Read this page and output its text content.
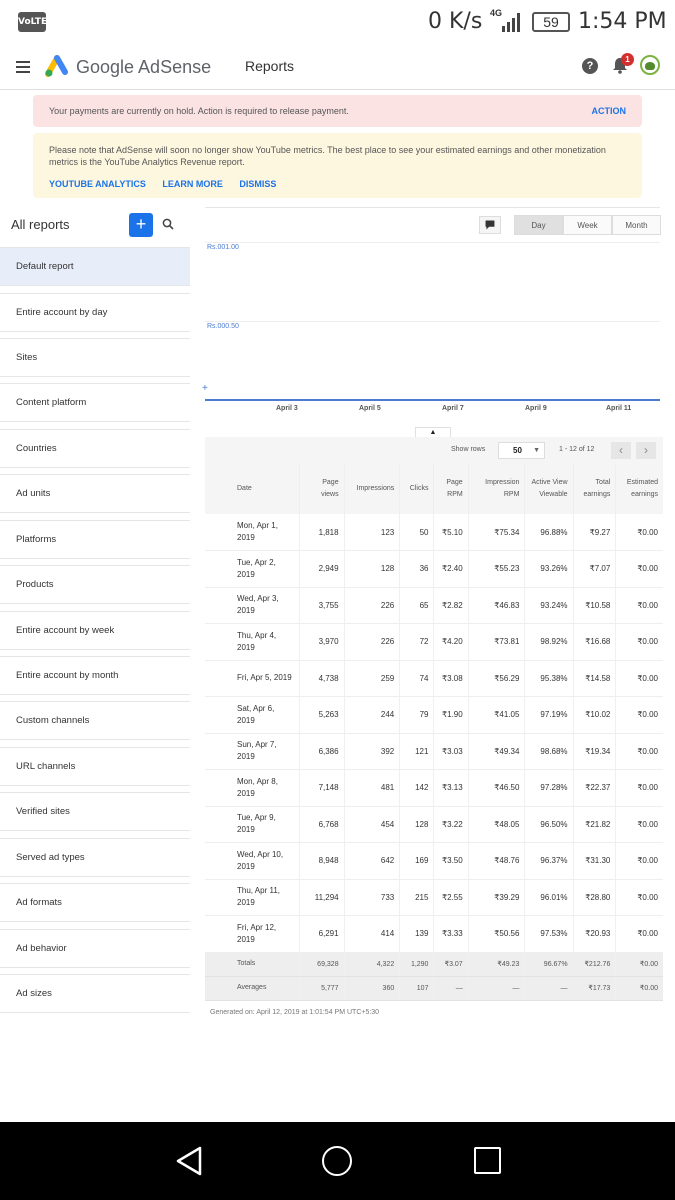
VoLTE	0 K/s 4G
59 1:54 PM
Google AdSense Reports	?
1
Your payments are currently on hold. Action is required to release payment.	ACTION
Please note that AdSense will soon no longer show YouTube metrics. The best place to see your estimated earnings and other monetization metrics is the YouTube Analytics Revenue report.
YOUTUBE ANALYTICS LEARN MORE DISMISS
All reports	+
Default report
Entire account by day
Sites
Content platform
Countries
Ad units
Platforms
Products
Entire account by week
Entire account by month
Custom channels
URL channels
Verified sites
Served ad types
Ad formats
Ad behavior
Ad sizes
Day	Week	Month
Rs.001.00
Rs.000.50
+
April 3	April 5	April 7	April 9	April 11
▲
Show rows	50 ▼	1 - 12 of 12	‹	›
Date	Page views	Impressions	Clicks	Page RPM	Impression RPM	Active View Viewable	Total earnings	Estimated earnings
Mon, Apr 1, 2019	1,818	123	50	₹5.10	₹75.34	96.88%	₹9.27	₹0.00
Tue, Apr 2, 2019	2,949	128	36	₹2.40	₹55.23	93.26%	₹7.07	₹0.00
Wed, Apr 3, 2019	3,755	226	65	₹2.82	₹46.83	93.24%	₹10.58	₹0.00
Thu, Apr 4, 2019	3,970	226	72	₹4.20	₹73.81	98.92%	₹16.68	₹0.00
Fri, Apr 5, 2019	4,738	259	74	₹3.08	₹56.29	95.38%	₹14.58	₹0.00
Sat, Apr 6, 2019	5,263	244	79	₹1.90	₹41.05	97.19%	₹10.02	₹0.00
Sun, Apr 7, 2019	6,386	392	121	₹3.03	₹49.34	98.68%	₹19.34	₹0.00
Mon, Apr 8, 2019	7,148	481	142	₹3.13	₹46.50	97.28%	₹22.37	₹0.00
Tue, Apr 9, 2019	6,768	454	128	₹3.22	₹48.05	96.50%	₹21.82	₹0.00
Wed, Apr 10, 2019	8,948	642	169	₹3.50	₹48.76	96.37%	₹31.30	₹0.00
Thu, Apr 11, 2019	11,294	733	215	₹2.55	₹39.29	96.01%	₹28.80	₹0.00
Fri, Apr 12, 2019	6,291	414	139	₹3.33	₹50.56	97.53%	₹20.93	₹0.00
Totals	69,328	4,322	1,290	₹3.07	₹49.23	96.67%	₹212.76	₹0.00
Averages	5,777	360	107	—	—	—	₹17.73	₹0.00
Generated on: April 12, 2019 at 1:01:54 PM UTC+5:30
